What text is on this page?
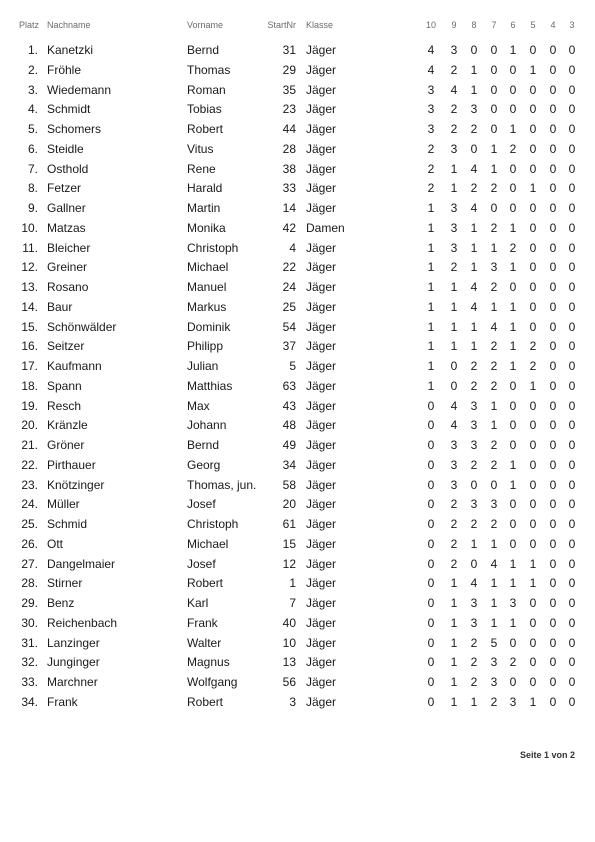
Platz Nachname	Vorname	StartNr Klasse	10	9	8	7	6	5	4	3
1. Kanetzki	Bernd	31 Jäger	4	3	0	0	1	0	0	0
2. Fröhle	Thomas	29 Jäger	4	2	1	0	0	1	0	0
3. Wiedemann	Roman	35 Jäger	3	4	1	0	0	0	0	0
4. Schmidt	Tobias	23 Jäger	3	2	3	0	0	0	0	0
5. Schomers	Robert	44 Jäger	3	2	2	0	1	0	0	0
6. Steidle	Vitus	28 Jäger	2	3	0	1	2	0	0	0
7. Osthold	Rene	38 Jäger	2	1	4	1	0	0	0	0
8. Fetzer	Harald	33 Jäger	2	1	2	2	0	1	0	0
9. Gallner	Martin	14 Jäger	1	3	4	0	0	0	0	0
10. Matzas	Monika	42 Damen	1	3	1	2	1	0	0	0
11. Bleicher	Christoph	4 Jäger	1	3	1	1	2	0	0	0
12. Greiner	Michael	22 Jäger	1	2	1	3	1	0	0	0
13. Rosano	Manuel	24 Jäger	1	1	4	2	0	0	0	0
14. Baur	Markus	25 Jäger	1	1	4	1	1	0	0	0
15. Schönwälder	Dominik	54 Jäger	1	1	1	4	1	0	0	0
16. Seitzer	Philipp	37 Jäger	1	1	1	2	1	2	0	0
17. Kaufmann	Julian	5 Jäger	1	0	2	2	1	2	0	0
18. Spann	Matthias	63 Jäger	1	0	2	2	0	1	0	0
19. Resch	Max	43 Jäger	0	4	3	1	0	0	0	0
20. Kränzle	Johann	48 Jäger	0	4	3	1	0	0	0	0
21. Gröner	Bernd	49 Jäger	0	3	3	2	0	0	0	0
22. Pirthauer	Georg	34 Jäger	0	3	2	2	1	0	0	0
23. Knötzinger	Thomas, jun.	58 Jäger	0	3	0	0	1	0	0	0
24. Müller	Josef	20 Jäger	0	2	3	3	0	0	0	0
25. Schmid	Christoph	61 Jäger	0	2	2	2	0	0	0	0
26. Ott	Michael	15 Jäger	0	2	1	1	0	0	0	0
27. Dangelmaier	Josef	12 Jäger	0	2	0	4	1	1	0	0
28. Stirner	Robert	1 Jäger	0	1	4	1	1	1	0	0
29. Benz	Karl	7 Jäger	0	1	3	1	3	0	0	0
30. Reichenbach	Frank	40 Jäger	0	1	3	1	1	0	0	0
31. Lanzinger	Walter	10 Jäger	0	1	2	5	0	0	0	0
32. Junginger	Magnus	13 Jäger	0	1	2	3	2	0	0	0
33. Marchner	Wolfgang	56 Jäger	0	1	2	3	0	0	0	0
34. Frank	Robert	3 Jäger	0	1	1	2	3	1	0	0
Seite 1 von 2
